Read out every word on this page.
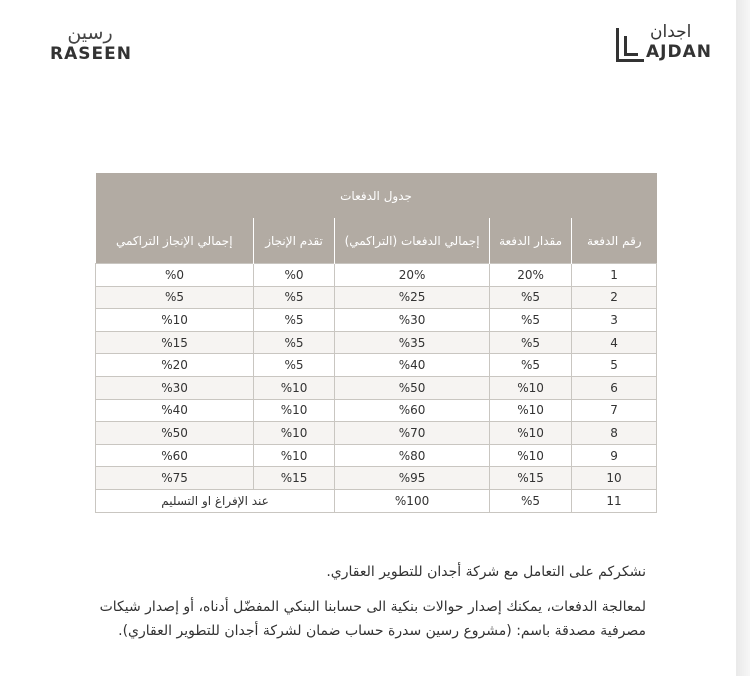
رسين
RASEEN
اجدان
AJDAN
جدول الدفعات				
رقم الدفعة	مقدار الدفعة	إجمالي الدفعات (التراكمي)	تقدم الإنجاز	إجمالي الإنجاز التراكمي
1	20%	20%	%0	%0
2	%5	%25	%5	%5
3	%5	%30	%5	%10
4	%5	%35	%5	%15
5	%5	%40	%5	%20
6	%10	%50	%10	%30
7	%10	%60	%10	%40
8	%10	%70	%10	%50
9	%10	%80	%10	%60
10	%15	%95	%15	%75
11	%5	%100	عند الإفراغ او التسليم	
نشكركم على التعامل مع شركة أجدان للتطوير العقاري.
لمعالجة الدفعات، يمكنك إصدار حوالات بنكية الى حسابنا البنكي المفضّل أدناه، أو إصدار شيكات
مصرفية مصدقة باسم: (مشروع رسين سدرة حساب ضمان لشركة أجدان للتطوير العقاري).
